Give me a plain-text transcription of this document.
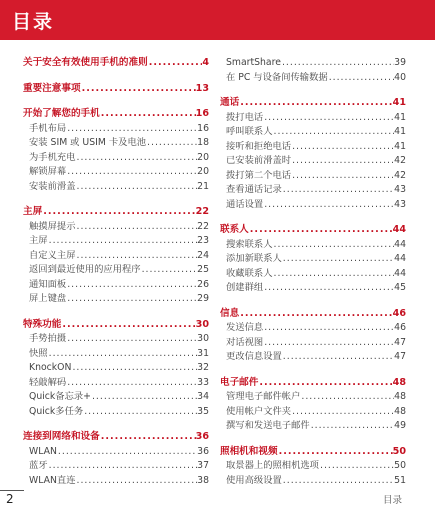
目录
关于安全有效使用手机的准则 .....	4
重要注意事项 .....	13
开始了解您的手机 .....	16
手机布局 .....	16
安装 SIM 或 USIM 卡及电池 .....	18
为手机充电 .....	20
解锁屏幕 .....	20
安装前滑盖 .....	21
主屏 .....	22
触摸屏提示 .....	22
主屏 .....	23
自定义主屏 .....	24
返回到最近使用的应用程序 .....	25
通知面板 .....	26
屏上键盘 .....	29
特殊功能 .....	30
手势拍摄 .....	30
快照 .....	31
KnockON .....	32
轻敲解码 .....	33
Quick备忘录+ .....	34
Quick多任务 .....	35
连接到网络和设备 .....	36
WLAN .....	36
蓝牙 .....	37
WLAN直连 .....	38
SmartShare .....	39
在 PC 与设备间传输数据 .....	40
通话 .....	41
拨打电话 .....	41
呼叫联系人 .....	41
接听和拒绝电话 .....	41
已安装前滑盖时 .....	42
拨打第二个电话 .....	42
查看通话记录 .....	43
通话设置 .....	43
联系人 .....	44
搜索联系人 .....	44
添加新联系人 .....	44
收藏联系人 .....	44
创建群组 .....	45
信息 .....	46
发送信息 .....	46
对话视图 .....	47
更改信息设置 .....	47
电子邮件 .....	48
管理电子邮件帐户 .....	48
使用帐户文件夹 .....	48
撰写和发送电子邮件 .....	49
照相机和视频 .....	50
取景器上的照相机选项 .....	50
使用高级设置 .....	51
2	目录
